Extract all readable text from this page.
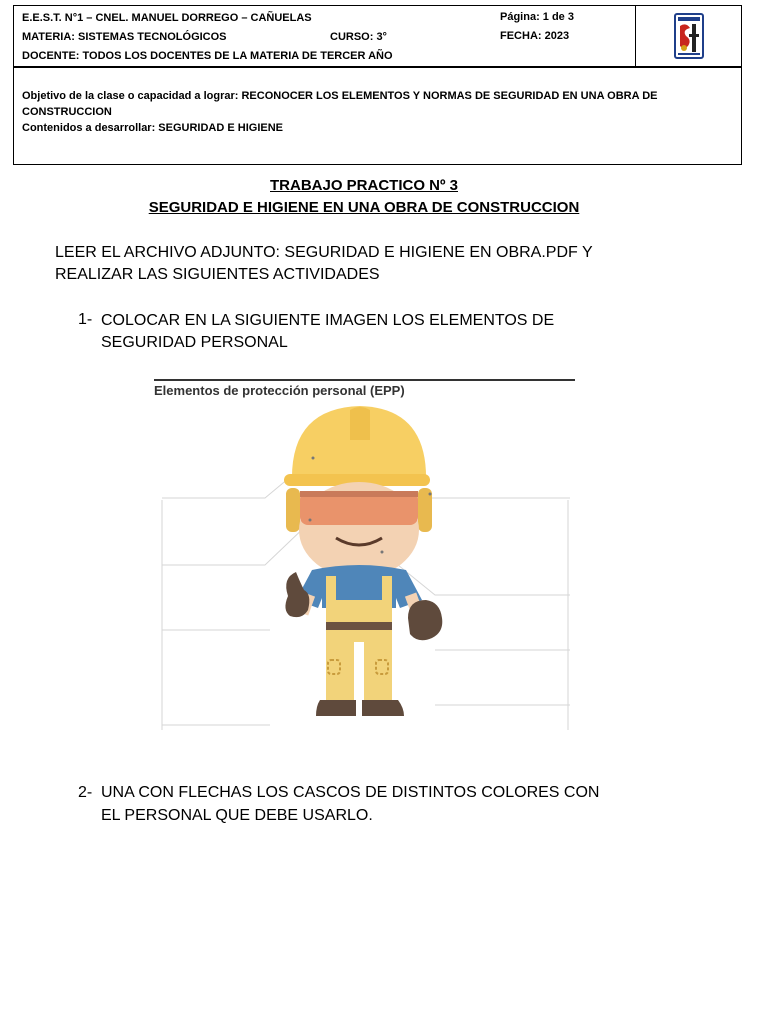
E.E.S.T. N°1 – CNEL. MANUEL DORREGO – CAÑUELAS
MATERIA: SISTEMAS TECNOLÓGICOS	CURSO: 3°
DOCENTE: TODOS LOS DOCENTES DE LA MATERIA DE TERCER AÑO
Página: 1 de 3
FECHA: 2023
Objetivo de la clase o capacidad a lograr: RECONOCER LOS ELEMENTOS Y NORMAS DE SEGURIDAD EN UNA OBRA DE
CONSTRUCCION
Contenidos a desarrollar: SEGURIDAD E HIGIENE
TRABAJO PRACTICO Nº 3
SEGURIDAD E HIGIENE EN UNA OBRA DE CONSTRUCCION
LEER EL ARCHIVO ADJUNTO: SEGURIDAD E HIGIENE EN OBRA.PDF Y
REALIZAR LAS SIGUIENTES ACTIVIDADES
1- COLOCAR EN LA SIGUIENTE IMAGEN LOS ELEMENTOS DE
SEGURIDAD PERSONAL
Elementos de protección personal (EPP)
2- UNA CON FLECHAS LOS CASCOS DE DISTINTOS COLORES CON
EL PERSONAL QUE DEBE USARLO.
